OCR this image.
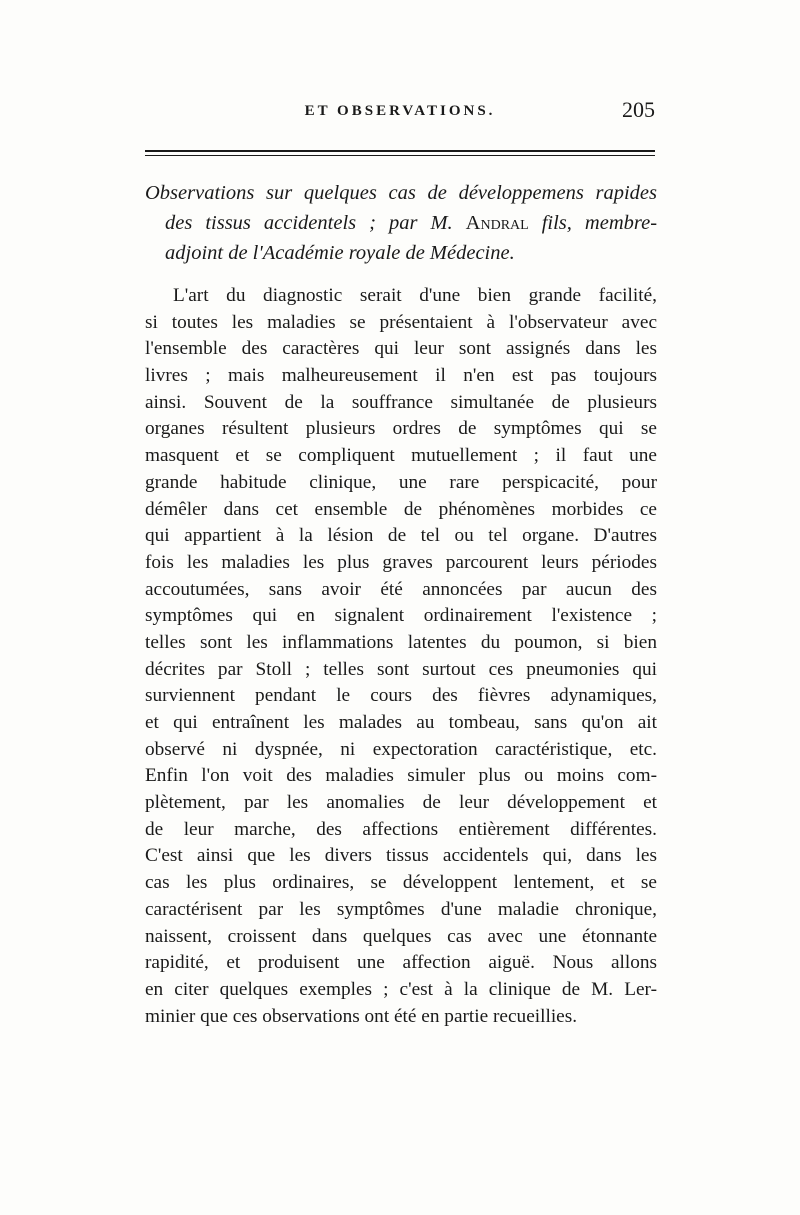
ET OBSERVATIONS.	205
Observations sur quelques cas de développemens rapides
des tissus accidentels ; par M. Andral fils, membre-
adjoint de l'Académie royale de Médecine.
L'art du diagnostic serait d'une bien grande facilité,
si toutes les maladies se présentaient à l'observateur avec
l'ensemble des caractères qui leur sont assignés dans les
livres ; mais malheureusement il n'en est pas toujours
ainsi. Souvent de la souffrance simultanée de plusieurs
organes résultent plusieurs ordres de symptômes qui se
masquent et se compliquent mutuellement ; il faut une
grande habitude clinique, une rare perspicacité, pour
démêler dans cet ensemble de phénomènes morbides ce
qui appartient à la lésion de tel ou tel organe. D'autres
fois les maladies les plus graves parcourent leurs périodes
accoutumées, sans avoir été annoncées par aucun des
symptômes qui en signalent ordinairement l'existence ;
telles sont les inflammations latentes du poumon, si bien
décrites par Stoll ; telles sont surtout ces pneumonies qui
surviennent pendant le cours des fièvres adynamiques,
et qui entraînent les malades au tombeau, sans qu'on ait
observé ni dyspnée, ni expectoration caractéristique, etc.
Enfin l'on voit des maladies simuler plus ou moins com-
plètement, par les anomalies de leur développement et
de leur marche, des affections entièrement différentes.
C'est ainsi que les divers tissus accidentels qui, dans les
cas les plus ordinaires, se développent lentement, et se
caractérisent par les symptômes d'une maladie chronique,
naissent, croissent dans quelques cas avec une étonnante
rapidité, et produisent une affection aiguë. Nous allons
en citer quelques exemples ; c'est à la clinique de M. Ler-
minier que ces observations ont été en partie recueillies.
